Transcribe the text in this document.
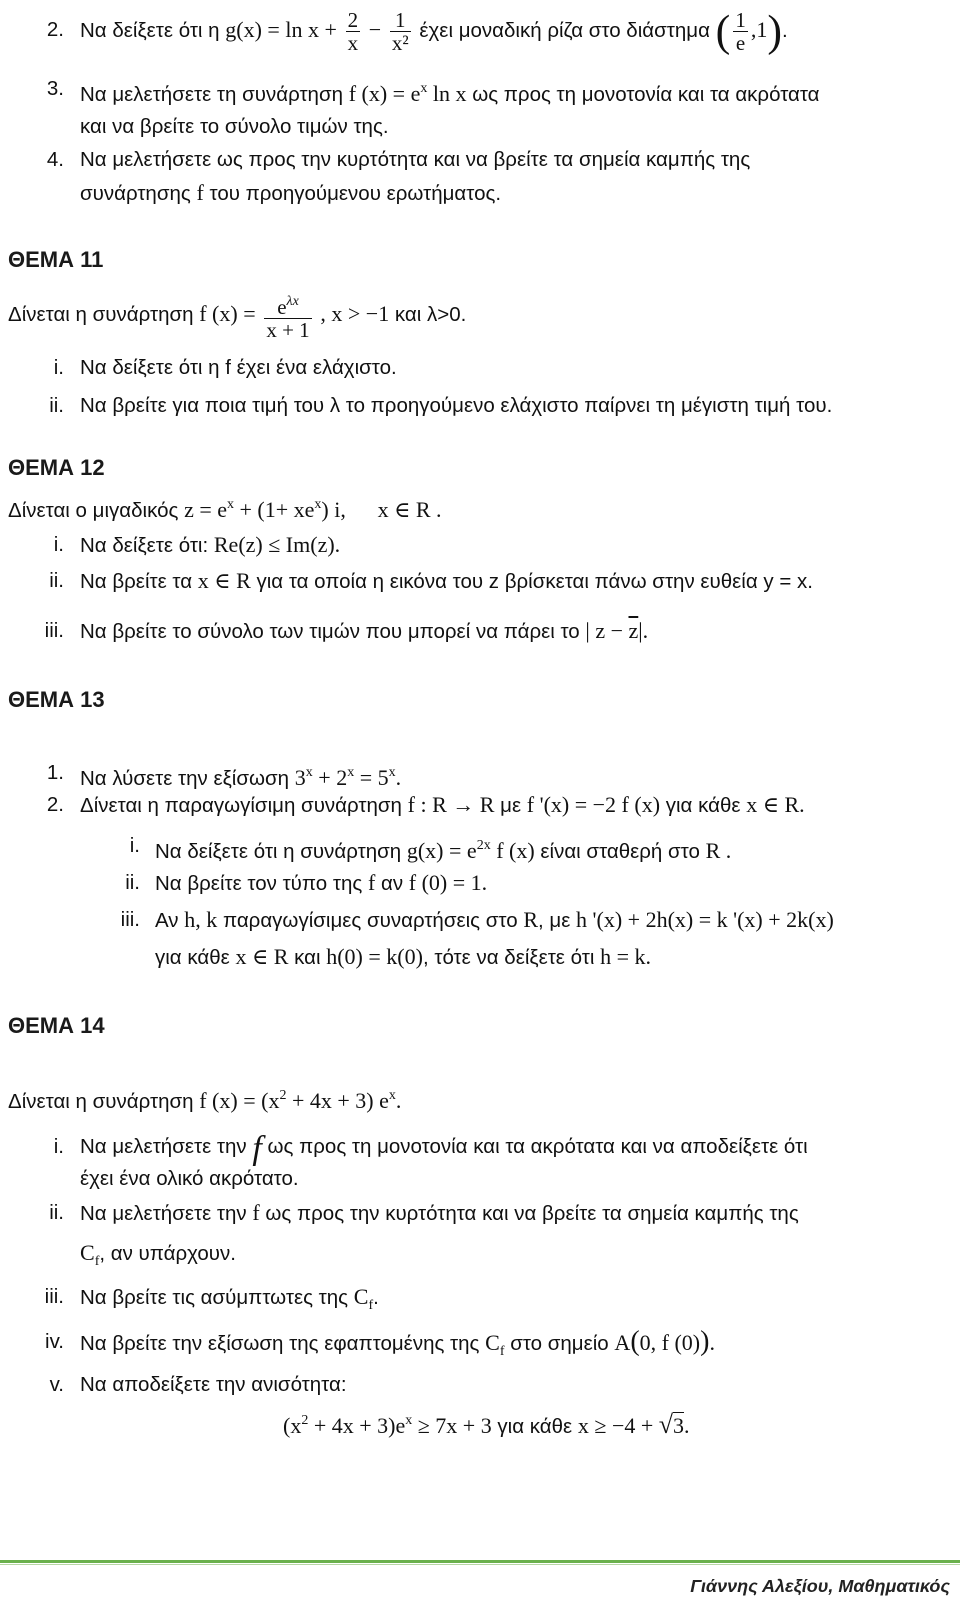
2. Να δείξετε ότι η $g(x) = \ln x + \frac{2}{x} - \frac{1}{\text{x²}}$ έχει μοναδική ρίζα στο διάστημα ( $\frac{1}{e} ,1$).
3. Να μελετήσετε τη συνάρτηση f $(x) = e^x$ ln x ως προς τη μονοτονία και τα ακρότατα
και να βρείτε το σύνολο τιμών της.
4. Να μελετήσετε ως προς την κυρτότητα και να βρείτε τα σημεία καμπής της
συνάρτησης f του προηγούμενου ερωτήματος.
ΘΕΜΑ 11
Δίνεται η συνάρτηση f $(x) = \frac{e^{\lambda x}}{x + 1}$ , x > −1 και λ>0.
i. Να δείξετε ότι η f έχει ένα ελάχιστο.
ii. Να βρείτε για ποια τιμή του λ το προηγούμενο ελάχιστο παίρνει τη μέγιστη τιμή του.
ΘΕΜΑ 12
Δίνεται ο μιγαδικός $z = e^x + (1+ xe^x)$ i, x ∈ R .
i. Να δείξετε ότι: Re(z) ≤ Im(z).
ii. Να βρείτε τα x ∈ R για τα οποία η εικόνα του z βρίσκεται πάνω στην ευθεία y = x.
iii. Να βρείτε το σύνολο των τιμών που μπορεί να πάρει το | $z - \overline{z}|$.
ΘΕΜΑ 13
1. Να λύσετε την εξίσωση $3^x + 2^x = 5^x$.
2. Δίνεται η παραγωγίσιμη συνάρτηση f : R → R με f '(x) = −2 f (x) για κάθε x ∈ R.
i. Να δείξετε ότι η συνάρτηση $g(x) = e^{2x}$ f (x) είναι σταθερή στο R .
ii. Να βρείτε τον τύπο της f αν f (0) = 1.
iii. Αν h, k παραγωγίσιμες συναρτήσεις στο R, με h '(x) + 2h(x) = k '(x) + 2k(x)
για κάθε x ∈ R και h(0) = k(0), τότε να δείξετε ότι h = k.
ΘΕΜΑ 14
Δίνεται η συνάρτηση f $(x) = (x^2 + 4x + 3)$ $e^x$.
i. Να μελετήσετε την f ως προς τη μονοτονία και τα ακρότατα και να αποδείξετε ότι
έχει ένα ολικό ακρότατο.
ii. Να μελετήσετε την f ως προς την κυρτότητα και να βρείτε τα σημεία καμπής της
$C_f$, αν υπάρχουν.
iii. Να βρείτε τις ασύμπτωτες της $C_f$.
iv. Να βρείτε την εξίσωση της εφαπτομένης της $C_f$ στο σημείο A(0, f (0)).
v. Να αποδείξετε την ανισότητα:
$(x^2 + 4x + 3)e^x \ge 7x + 3$ για κάθε x ≥ −4 + √3.
Γιάννης Αλεξίου, Μαθηματικός
